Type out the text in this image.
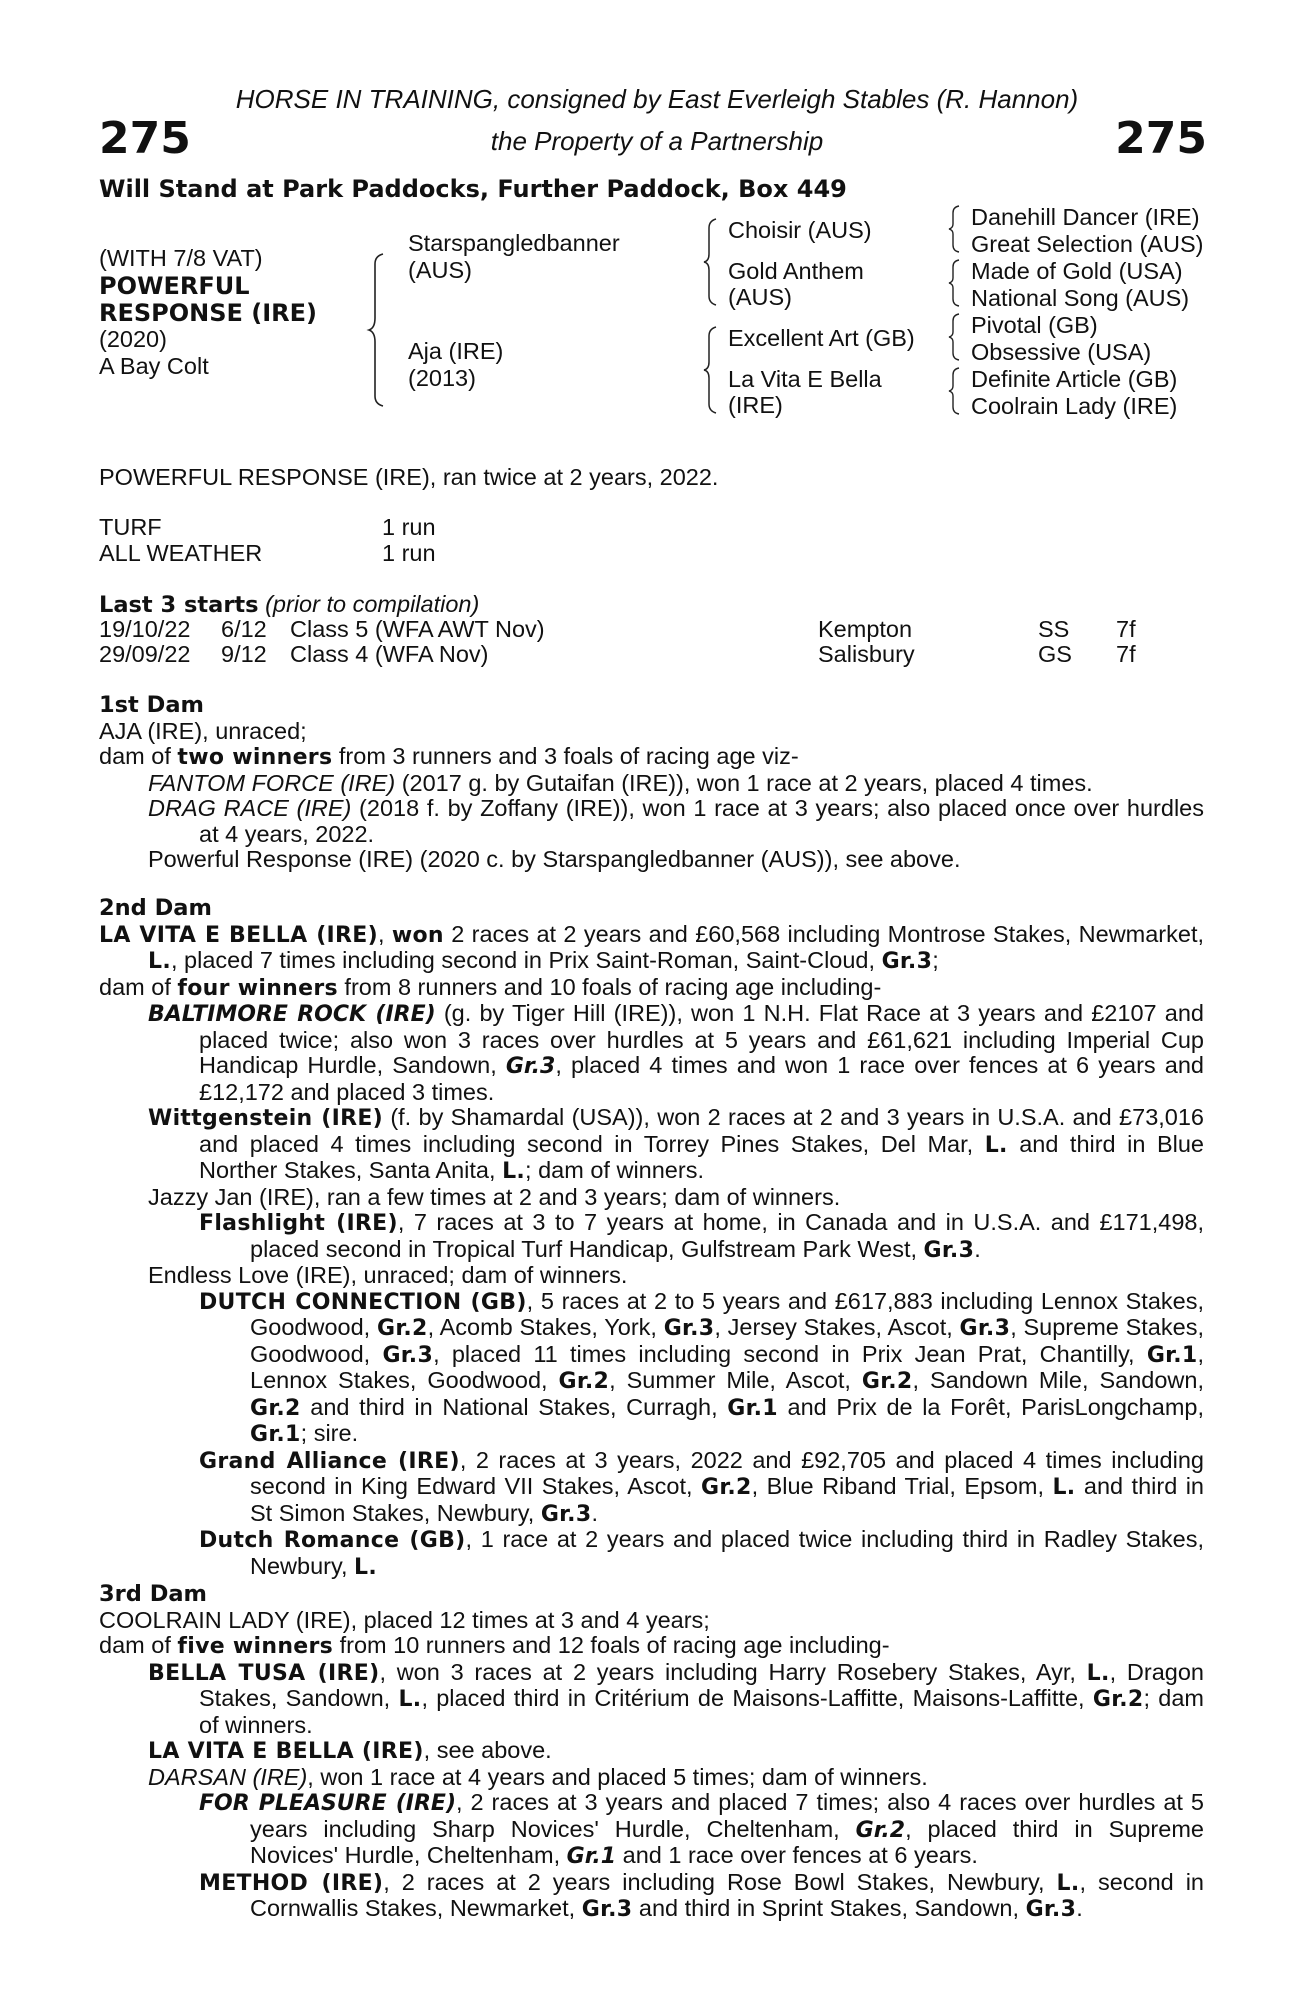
275	275
HORSE IN TRAINING, consigned by East Everleigh Stables (R. Hannon)
the Property of a Partnership
Will Stand at Park Paddocks, Further Paddock, Box 449
(WITH 7/8 VAT)
POWERFUL
RESPONSE (IRE)
(2020)
A Bay Colt
Starspangledbanner
(AUS)
Aja (IRE)
(2013)
Choisir (AUS)
Gold Anthem
(AUS)
Excellent Art (GB)
La Vita E Bella
(IRE)
Danehill Dancer (IRE)
Great Selection (AUS)
Made of Gold (USA)
National Song (AUS)
Pivotal (GB)
Obsessive (USA)
Definite Article (GB)
Coolrain Lady (IRE)
POWERFUL RESPONSE (IRE), ran twice at 2 years, 2022.
TURF	1 run
ALL WEATHER	1 run
Last 3 starts (prior to compilation)
19/10/22 6/12 Class 5 (WFA AWT Nov)	Kempton	SS 7f
29/09/22 9/12 Class 4 (WFA Nov)	Salisbury	GS 7f
1st Dam
AJA (IRE), unraced;
dam of two winners from 3 runners and 3 foals of racing age viz-
FANTOM FORCE (IRE) (2017 g. by Gutaifan (IRE)), won 1 race at 2 years, placed 4 times.
DRAG RACE (IRE) (2018 f. by Zoffany (IRE)), won 1 race at 3 years; also placed once over hurdles at 4 years, 2022.
Powerful Response (IRE) (2020 c. by Starspangledbanner (AUS)), see above.
2nd Dam
LA VITA E BELLA (IRE), won 2 races at 2 years and £60,568 including Montrose Stakes, Newmarket, L., placed 7 times including second in Prix Saint-Roman, Saint-Cloud, Gr.3;
dam of four winners from 8 runners and 10 foals of racing age including-
BALTIMORE ROCK (IRE) (g. by Tiger Hill (IRE)), won 1 N.H. Flat Race at 3 years and £2107 and placed twice; also won 3 races over hurdles at 5 years and £61,621 including Imperial Cup Handicap Hurdle, Sandown, Gr.3, placed 4 times and won 1 race over fences at 6 years and £12,172 and placed 3 times.
Wittgenstein (IRE) (f. by Shamardal (USA)), won 2 races at 2 and 3 years in U.S.A. and £73,016 and placed 4 times including second in Torrey Pines Stakes, Del Mar, L. and third in Blue Norther Stakes, Santa Anita, L.; dam of winners.
Jazzy Jan (IRE), ran a few times at 2 and 3 years; dam of winners.
Flashlight (IRE), 7 races at 3 to 7 years at home, in Canada and in U.S.A. and £171,498, placed second in Tropical Turf Handicap, Gulfstream Park West, Gr.3.
Endless Love (IRE), unraced; dam of winners.
DUTCH CONNECTION (GB), 5 races at 2 to 5 years and £617,883 including Lennox Stakes, Goodwood, Gr.2, Acomb Stakes, York, Gr.3, Jersey Stakes, Ascot, Gr.3, Supreme Stakes, Goodwood, Gr.3, placed 11 times including second in Prix Jean Prat, Chantilly, Gr.1, Lennox Stakes, Goodwood, Gr.2, Summer Mile, Ascot, Gr.2, Sandown Mile, Sandown, Gr.2 and third in National Stakes, Curragh, Gr.1 and Prix de la Forêt, ParisLongchamp, Gr.1; sire.
Grand Alliance (IRE), 2 races at 3 years, 2022 and £92,705 and placed 4 times including second in King Edward VII Stakes, Ascot, Gr.2, Blue Riband Trial, Epsom, L. and third in St Simon Stakes, Newbury, Gr.3.
Dutch Romance (GB), 1 race at 2 years and placed twice including third in Radley Stakes, Newbury, L.
3rd Dam
COOLRAIN LADY (IRE), placed 12 times at 3 and 4 years;
dam of five winners from 10 runners and 12 foals of racing age including-
BELLA TUSA (IRE), won 3 races at 2 years including Harry Rosebery Stakes, Ayr, L., Dragon Stakes, Sandown, L., placed third in Critérium de Maisons-Laffitte, Maisons-Laffitte, Gr.2; dam of winners.
LA VITA E BELLA (IRE), see above.
DARSAN (IRE), won 1 race at 4 years and placed 5 times; dam of winners.
FOR PLEASURE (IRE), 2 races at 3 years and placed 7 times; also 4 races over hurdles at 5 years including Sharp Novices' Hurdle, Cheltenham, Gr.2, placed third in Supreme Novices' Hurdle, Cheltenham, Gr.1 and 1 race over fences at 6 years.
METHOD (IRE), 2 races at 2 years including Rose Bowl Stakes, Newbury, L., second in Cornwallis Stakes, Newmarket, Gr.3 and third in Sprint Stakes, Sandown, Gr.3.
